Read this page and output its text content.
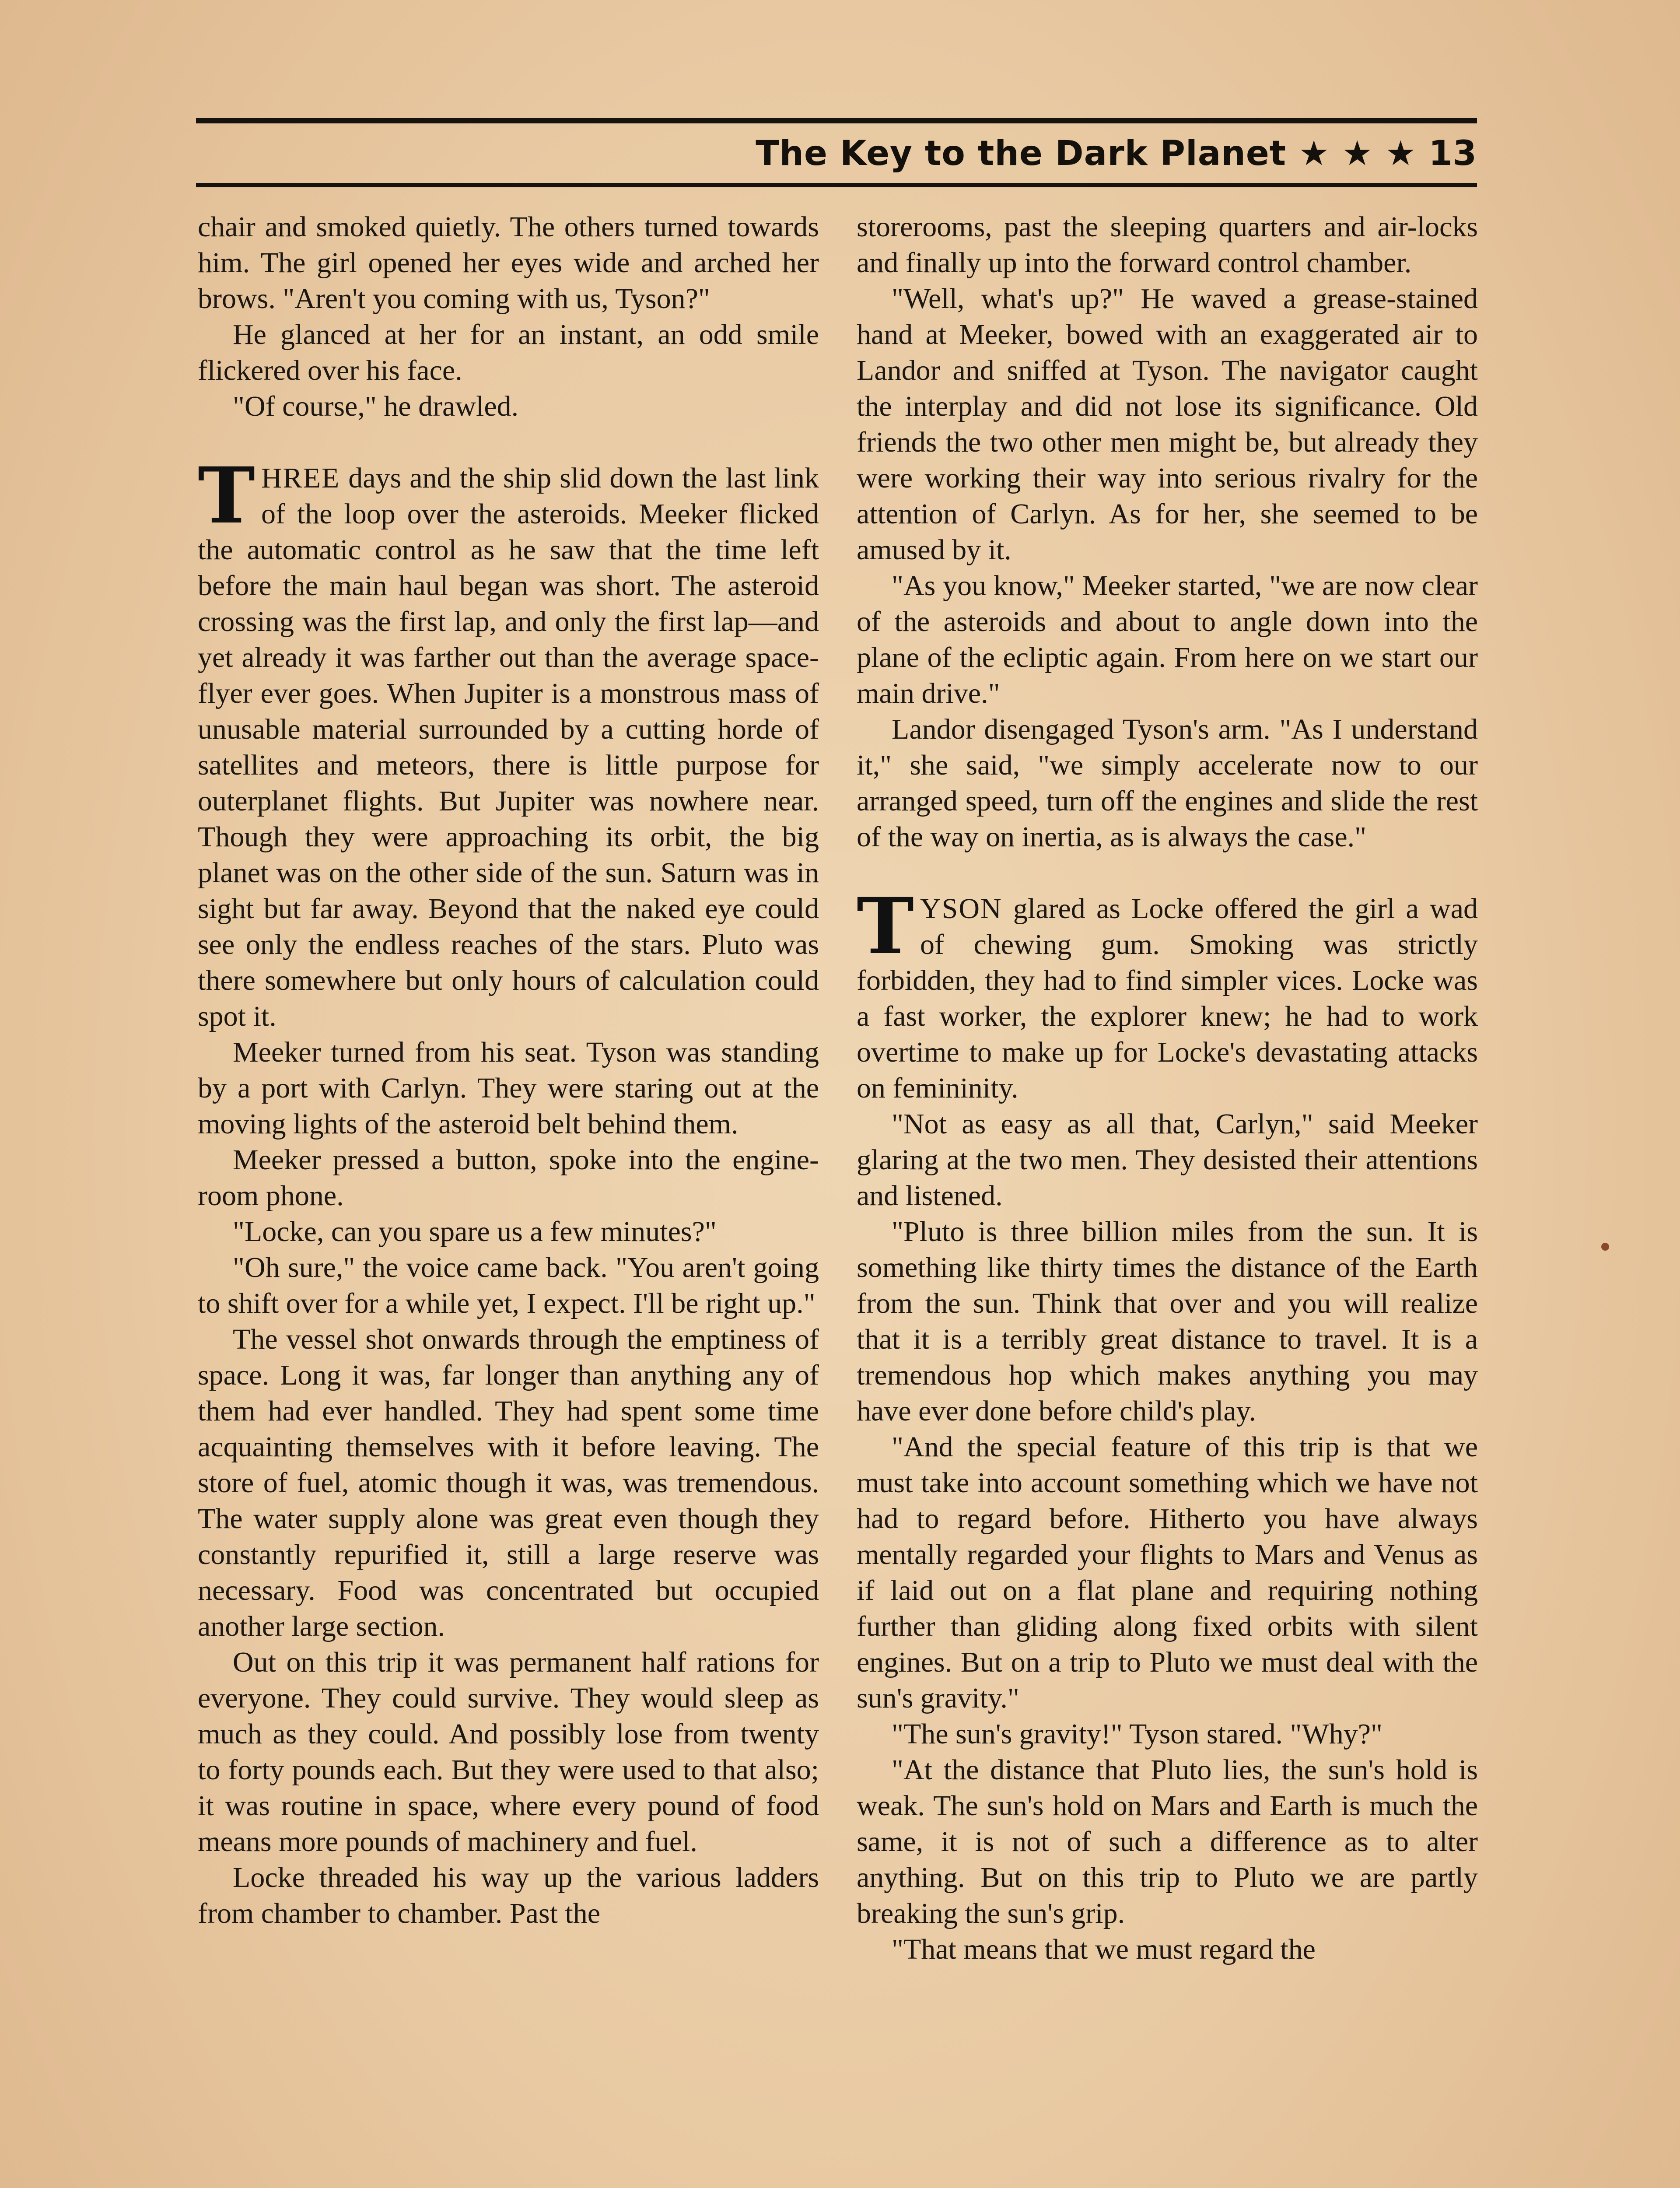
The Key to the Dark Planet ★ ★ ★ 13

chair and smoked quietly. The others turned towards him. The girl opened her eyes wide and arched her brows. "Aren't you coming with us, Tyson?"

He glanced at her for an instant, an odd smile flickered over his face.

"Of course," he drawled.

THREE days and the ship slid down the last link of the loop over the asteroids. Meeker flicked the automatic control as he saw that the time left before the main haul began was short. The asteroid crossing was the first lap, and only the first lap—and yet already it was farther out than the average space-flyer ever goes. When Jupiter is a monstrous mass of unusable material surrounded by a cutting horde of satellites and meteors, there is little purpose for outerplanet flights. But Jupiter was nowhere near. Though they were approaching its orbit, the big planet was on the other side of the sun. Saturn was in sight but far away. Beyond that the naked eye could see only the endless reaches of the stars. Pluto was there somewhere but only hours of calculation could spot it.

Meeker turned from his seat. Tyson was standing by a port with Carlyn. They were staring out at the moving lights of the asteroid belt behind them.

Meeker pressed a button, spoke into the engine-room phone.

"Locke, can you spare us a few minutes?"

"Oh sure," the voice came back. "You aren't going to shift over for a while yet, I expect. I'll be right up."

The vessel shot onwards through the emptiness of space. Long it was, far longer than anything any of them had ever handled. They had spent some time acquainting themselves with it before leaving. The store of fuel, atomic though it was, was tremendous. The water supply alone was great even though they constantly repurified it, still a large reserve was necessary. Food was concentrated but occupied another large section.

Out on this trip it was permanent half rations for everyone. They could survive. They would sleep as much as they could. And possibly lose from twenty to forty pounds each. But they were used to that also; it was routine in space, where every pound of food means more pounds of machinery and fuel.

Locke threaded his way up the various ladders from chamber to chamber. Past the

storerooms, past the sleeping quarters and air-locks and finally up into the forward control chamber.

"Well, what's up?" He waved a grease-stained hand at Meeker, bowed with an exaggerated air to Landor and sniffed at Tyson. The navigator caught the interplay and did not lose its significance. Old friends the two other men might be, but already they were working their way into serious rivalry for the attention of Carlyn. As for her, she seemed to be amused by it.

"As you know," Meeker started, "we are now clear of the asteroids and about to angle down into the plane of the ecliptic again. From here on we start our main drive."

Landor disengaged Tyson's arm. "As I understand it," she said, "we simply accelerate now to our arranged speed, turn off the engines and slide the rest of the way on inertia, as is always the case."

TYSON glared as Locke offered the girl a wad of chewing gum. Smoking was strictly forbidden, they had to find simpler vices. Locke was a fast worker, the explorer knew; he had to work overtime to make up for Locke's devastating attacks on femininity.

"Not as easy as all that, Carlyn," said Meeker glaring at the two men. They desisted their attentions and listened.

"Pluto is three billion miles from the sun. It is something like thirty times the distance of the Earth from the sun. Think that over and you will realize that it is a terribly great distance to travel. It is a tremendous hop which makes anything you may have ever done before child's play.

"And the special feature of this trip is that we must take into account something which we have not had to regard before. Hitherto you have always mentally regarded your flights to Mars and Venus as if laid out on a flat plane and requiring nothing further than gliding along fixed orbits with silent engines. But on a trip to Pluto we must deal with the sun's gravity."

"The sun's gravity!" Tyson stared. "Why?"

"At the distance that Pluto lies, the sun's hold is weak. The sun's hold on Mars and Earth is much the same, it is not of such a difference as to alter anything. But on this trip to Pluto we are partly breaking the sun's grip.

"That means that we must regard the
